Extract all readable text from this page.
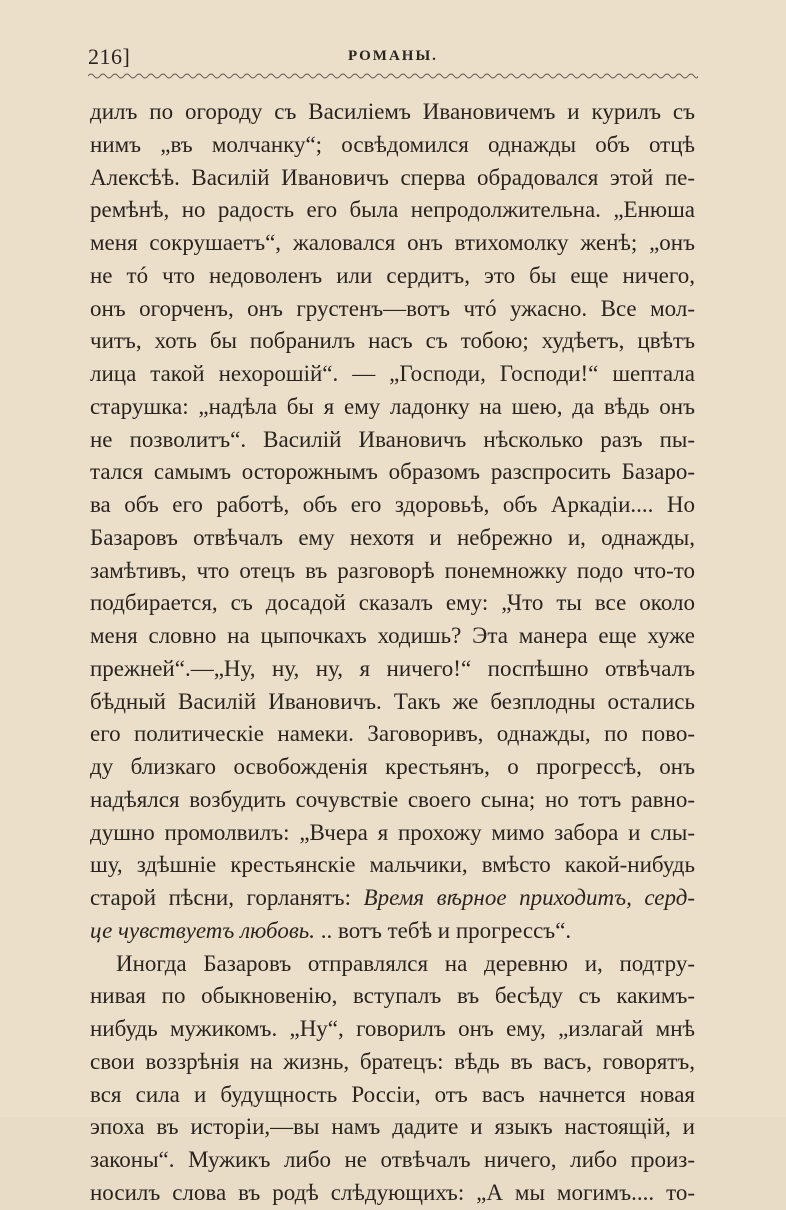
216]	РОМАНЫ.
дилъ по огороду съ Василіемъ Ивановичемъ и курилъ съ
нимъ „въ молчанку“; освѣдомился однажды объ отцѣ
Алексѣѣ. Василій Ивановичъ сперва обрадовался этой пе-
ремѣнѣ, но радость его была непродолжительна. „Енюша
меня сокрушаетъ“, жаловался онъ втихомолку женѣ; „онъ
не тó что недоволенъ или сердитъ, это бы еще ничего,
онъ огорченъ, онъ грустенъ—вотъ чтó ужасно. Все мол-
читъ, хоть бы побранилъ насъ съ тобою; худѣетъ, цвѣтъ
лица такой нехорошій“. — „Господи, Господи!“ шептала
старушка: „надѣла бы я ему ладонку на шею, да вѣдь онъ
не позволитъ“. Василій Ивановичъ нѣсколько разъ пы-
тался самымъ осторожнымъ образомъ разспросить Базаро-
ва объ его работѣ, объ его здоровьѣ, объ Аркадіи.... Но
Базаровъ отвѣчалъ ему нехотя и небрежно и, однажды,
замѣтивъ, что отецъ въ разговорѣ понемножку подо что-то
подбирается, съ досадой сказалъ ему: „Что ты все около
меня словно на цыпочкахъ ходишь? Эта манера еще хуже
прежней“.—„Ну, ну, ну, я ничего!“ поспѣшно отвѣчалъ
бѣдный Василій Ивановичъ. Такъ же безплодны остались
его политическіе намеки. Заговоривъ, однажды, по пово-
ду близкаго освобожденія крестьянъ, о прогрессѣ, онъ
надѣялся возбудить сочувствіе своего сына; но тотъ равно-
душно промолвилъ: „Вчера я прохожу мимо забора и слы-
шу, здѣшніе крестьянскіе мальчики, вмѣсто какой-нибудь
старой пѣсни, горланятъ: Время вѣрное приходитъ, серд-
це чувствуетъ любовь. .. вотъ тебѣ и прогрессъ“.
Иногда Базаровъ отправлялся на деревню и, подтру-
нивая по обыкновенію, вступалъ въ бесѣду съ какимъ-
нибудь мужикомъ. „Ну“, говорилъ онъ ему, „излагай мнѣ
свои воззрѣнія на жизнь, братецъ: вѣдь въ васъ, говорятъ,
вся сила и будущность Россіи, отъ васъ начнется новая
эпоха въ исторіи,—вы намъ дадите и языкъ настоящій, и
законы“. Мужикъ либо не отвѣчалъ ничего, либо произ-
носилъ слова въ родѣ слѣдующихъ: „А мы могимъ.... то-
